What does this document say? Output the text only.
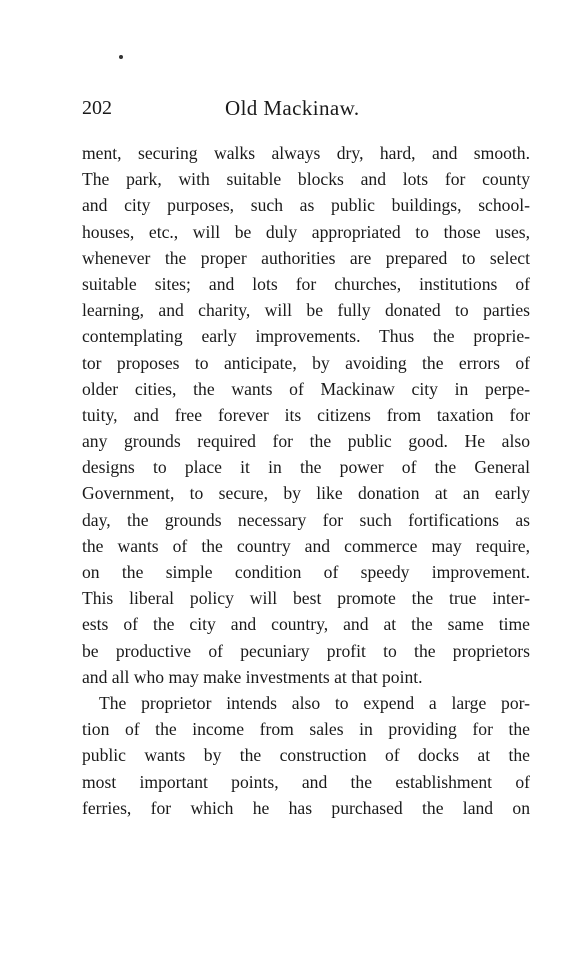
202	Old Mackinaw.
ment, securing walks always dry, hard, and smooth.
The park, with suitable blocks and lots for county
and city purposes, such as public buildings, school-
houses, etc., will be duly appropriated to those uses,
whenever the proper authorities are prepared to select
suitable sites; and lots for churches, institutions of
learning, and charity, will be fully donated to parties
contemplating early improvements. Thus the proprie-
tor proposes to anticipate, by avoiding the errors of
older cities, the wants of Mackinaw city in perpe-
tuity, and free forever its citizens from taxation for
any grounds required for the public good. He also
designs to place it in the power of the General
Government, to secure, by like donation at an early
day, the grounds necessary for such fortifications as
the wants of the country and commerce may require,
on the simple condition of speedy improvement.
This liberal policy will best promote the true inter-
ests of the city and country, and at the same time
be productive of pecuniary profit to the proprietors
and all who may make investments at that point.
The proprietor intends also to expend a large por-
tion of the income from sales in providing for the
public wants by the construction of docks at the
most important points, and the establishment of
ferries, for which he has purchased the land on
